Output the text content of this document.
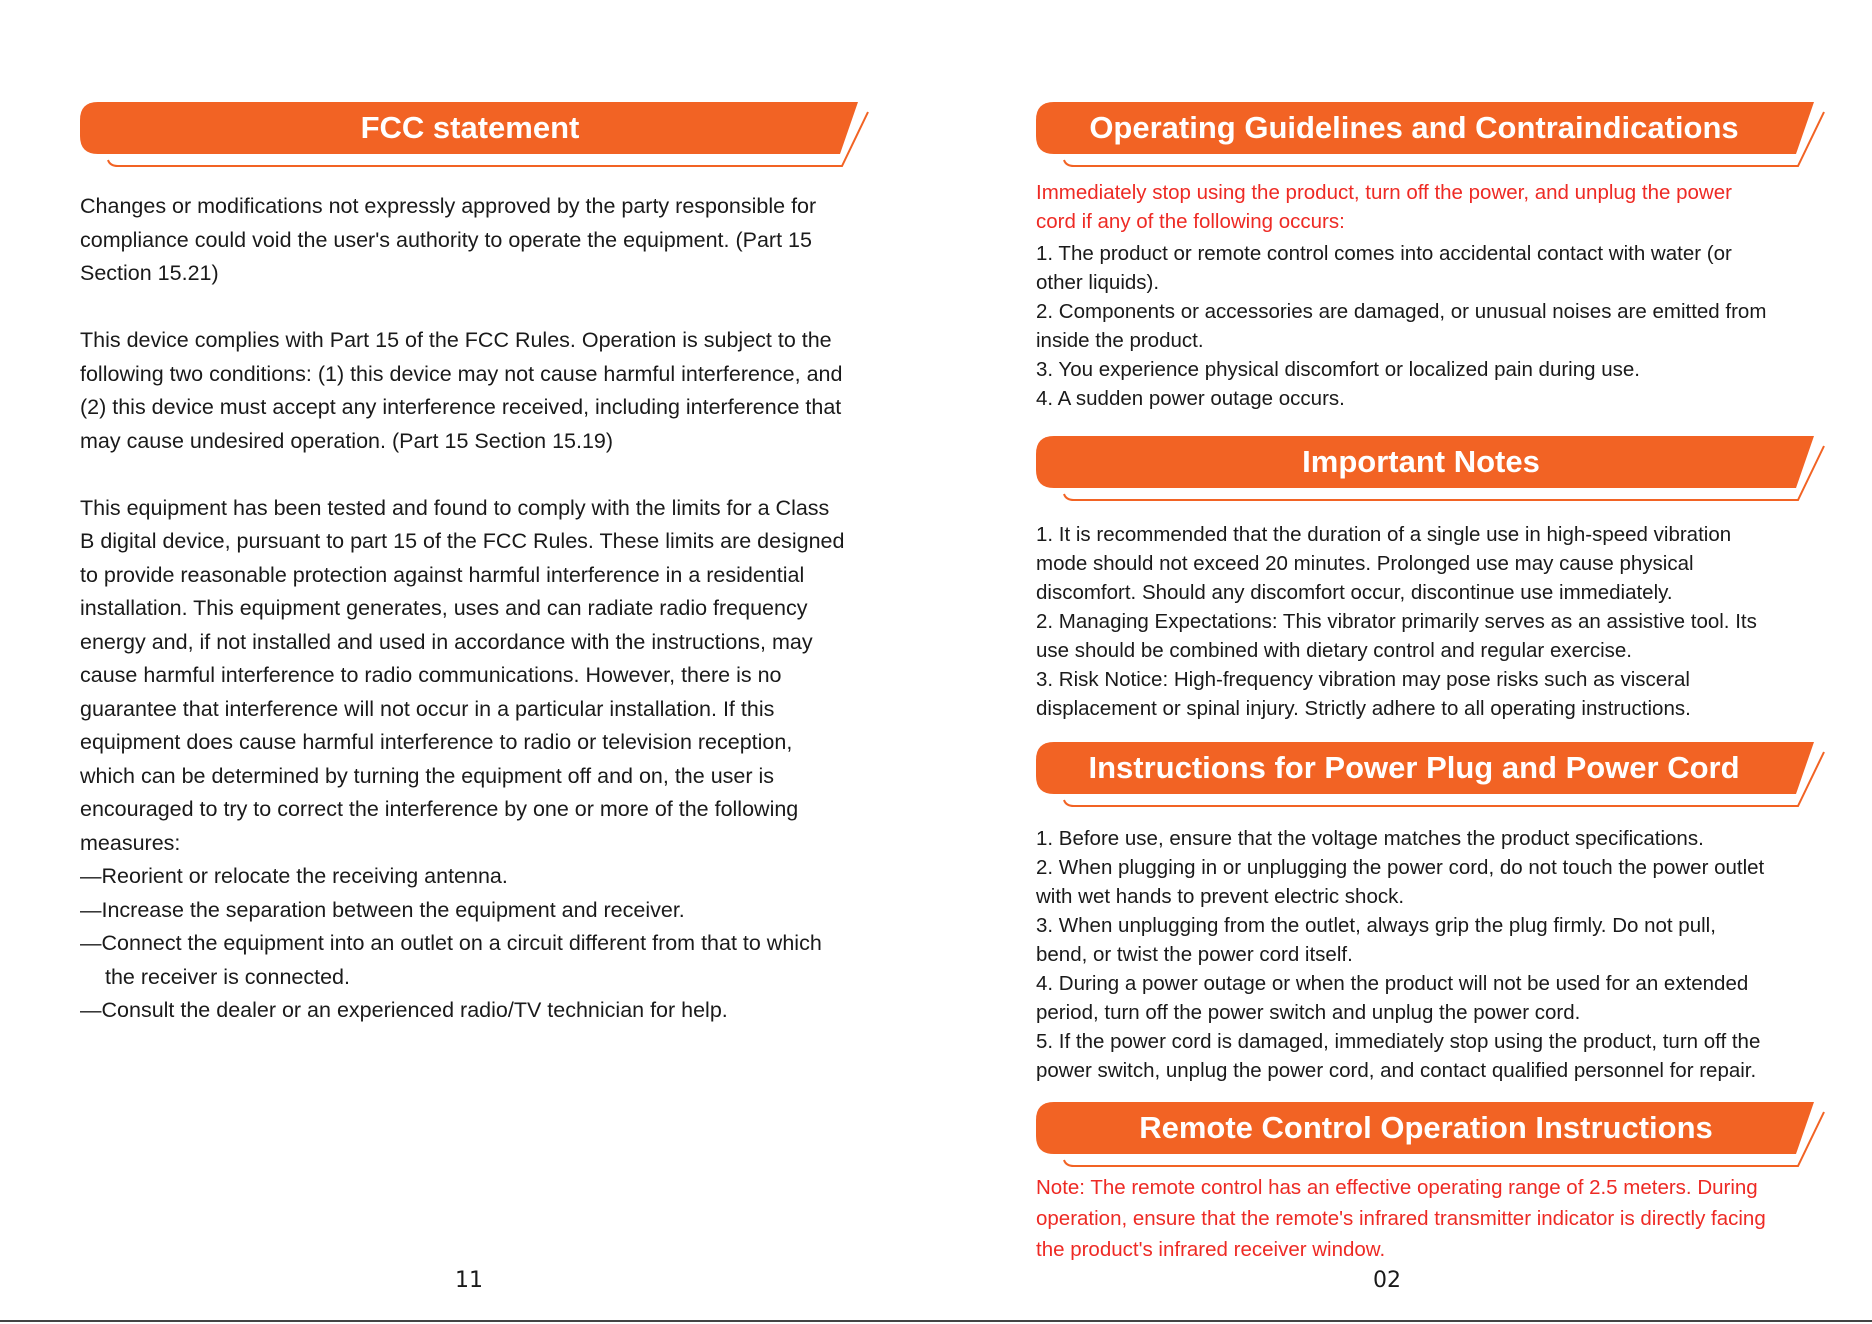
FCC statement

Changes or modifications not expressly approved by the party responsible for

compliance could void the user's authority to operate the equipment. (Part 15

Section 15.21)

This device complies with Part 15 of the FCC Rules. Operation is subject to the

following two conditions: (1) this device may not cause harmful interference, and

(2) this device must accept any interference received, including interference that

may cause undesired operation. (Part 15 Section 15.19)

This equipment has been tested and found to comply with the limits for a Class

B digital device, pursuant to part 15 of the FCC Rules. These limits are designed

to provide reasonable protection against harmful interference in a residential

installation. This equipment generates, uses and can radiate radio frequency

energy and, if not installed and used in accordance with the instructions, may

cause harmful interference to radio communications. However, there is no

guarantee that interference will not occur in a particular installation. If this

equipment does cause harmful interference to radio or television reception,

which can be determined by turning the equipment off and on, the user is

encouraged to try to correct the interference by one or more of the following

measures:

—Reorient or relocate the receiving antenna.

—Increase the separation between the equipment and receiver.

—Connect the equipment into an outlet on a circuit different from that to which

the receiver is connected.

—Consult the dealer or an experienced radio/TV technician for help.

11
Operating Guidelines and Contraindications

Immediately stop using the product, turn off the power, and unplug the power

cord if any of the following occurs:

1. The product or remote control comes into accidental contact with water (or

other liquids).

2. Components or accessories are damaged, or unusual noises are emitted from

inside the product.

3. You experience physical discomfort or localized pain during use.

4. A sudden power outage occurs.

Important Notes

1. It is recommended that the duration of a single use in high-speed vibration

mode should not exceed 20 minutes. Prolonged use may cause physical

discomfort. Should any discomfort occur, discontinue use immediately.

2. Managing Expectations: This vibrator primarily serves as an assistive tool. Its

use should be combined with dietary control and regular exercise.

3. Risk Notice: High-frequency vibration may pose risks such as visceral

displacement or spinal injury. Strictly adhere to all operating instructions.

Instructions for Power Plug and Power Cord

1. Before use, ensure that the voltage matches the product specifications.

2. When plugging in or unplugging the power cord, do not touch the power outlet

with wet hands to prevent electric shock.

3. When unplugging from the outlet, always grip the plug firmly. Do not pull,

bend, or twist the power cord itself.

4. During a power outage or when the product will not be used for an extended

period, turn off the power switch and unplug the power cord.

5. If the power cord is damaged, immediately stop using the product, turn off the

power switch, unplug the power cord, and contact qualified personnel for repair.

Remote Control Operation Instructions

Note: The remote control has an effective operating range of 2.5 meters. During

operation, ensure that the remote's infrared transmitter indicator is directly facing

the product's infrared receiver window.

02
